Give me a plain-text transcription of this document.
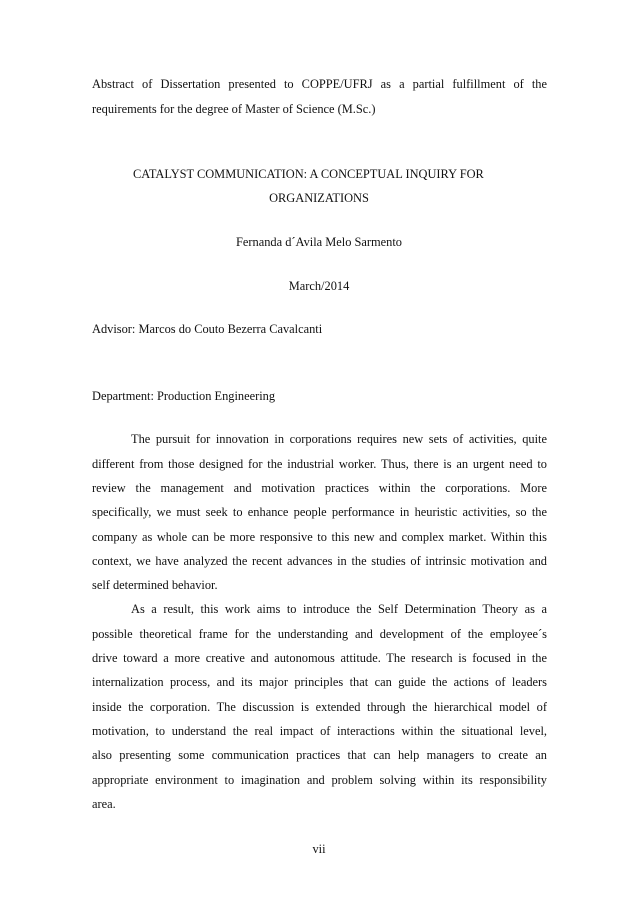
Abstract of Dissertation presented to COPPE/UFRJ as a partial fulfillment of the
requirements for the degree of Master of Science (M.Sc.)
CATALYST COMMUNICATION: A CONCEPTUAL INQUIRY FOR
ORGANIZATIONS
Fernanda d´Avila Melo Sarmento
March/2014
Advisor: Marcos do Couto Bezerra Cavalcanti
Department: Production Engineering
The pursuit for innovation in corporations requires new sets of activities, quite
different from those designed for the industrial worker. Thus, there is an urgent need to
review the management and motivation practices within the corporations. More
specifically, we must seek to enhance people performance in heuristic activities, so the
company as whole can be more responsive to this new and complex market. Within this
context, we have analyzed the recent advances in the studies of intrinsic motivation and
self determined behavior.
As a result, this work aims to introduce the Self Determination Theory as a
possible theoretical frame for the understanding and development of the employee´s
drive toward a more creative and autonomous attitude. The research is focused in the
internalization process, and its major principles that can guide the actions of leaders
inside the corporation. The discussion is extended through the hierarchical model of
motivation, to understand the real impact of interactions within the situational level,
also presenting some communication practices that can help managers to create an
appropriate environment to imagination and problem solving within its responsibility
area.
vii
